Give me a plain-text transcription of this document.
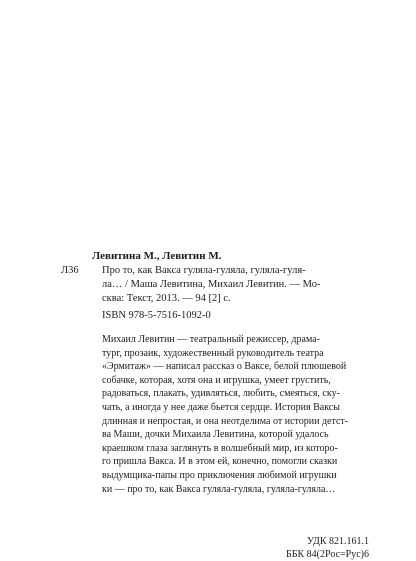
Левитина М., Левитин М.

Л36 Про то, как Вакса гуляла-гуляла, гуляла-гуля-

ла… / Маша Левитина, Михаил Левитин. — Мо-

сква: Текст, 2013. — 94 [2] с.

ISBN 978-5-7516-1092-0

Михаил Левитин — театральный режиссер, драма-

тург, прозаик, художественный руководитель театра

«Эрмитаж» — написал рассказ о Ваксе, белой плюшевой

собачке, которая, хотя она и игрушка, умеет грустить,

радоваться, плакать, удивляться, любить, смеяться, ску-

чать, а иногда у нее даже бьется сердце. История Ваксы

длинная и непростая, и она неотделима от истории детст-

ва Маши, дочки Михаила Левитина, которой удалось

краешком глаза заглянуть в волшебный мир, из которо-

го пришла Вакса. И в этом ей, конечно, помогли сказки

выдумщика-папы про приключения любимой игрушки

ки — про то, как Вакса гуляла-гуляла, гуляла-гуляла…

УДК 821.161.1

ББК 84(2Рос=Рус)6
